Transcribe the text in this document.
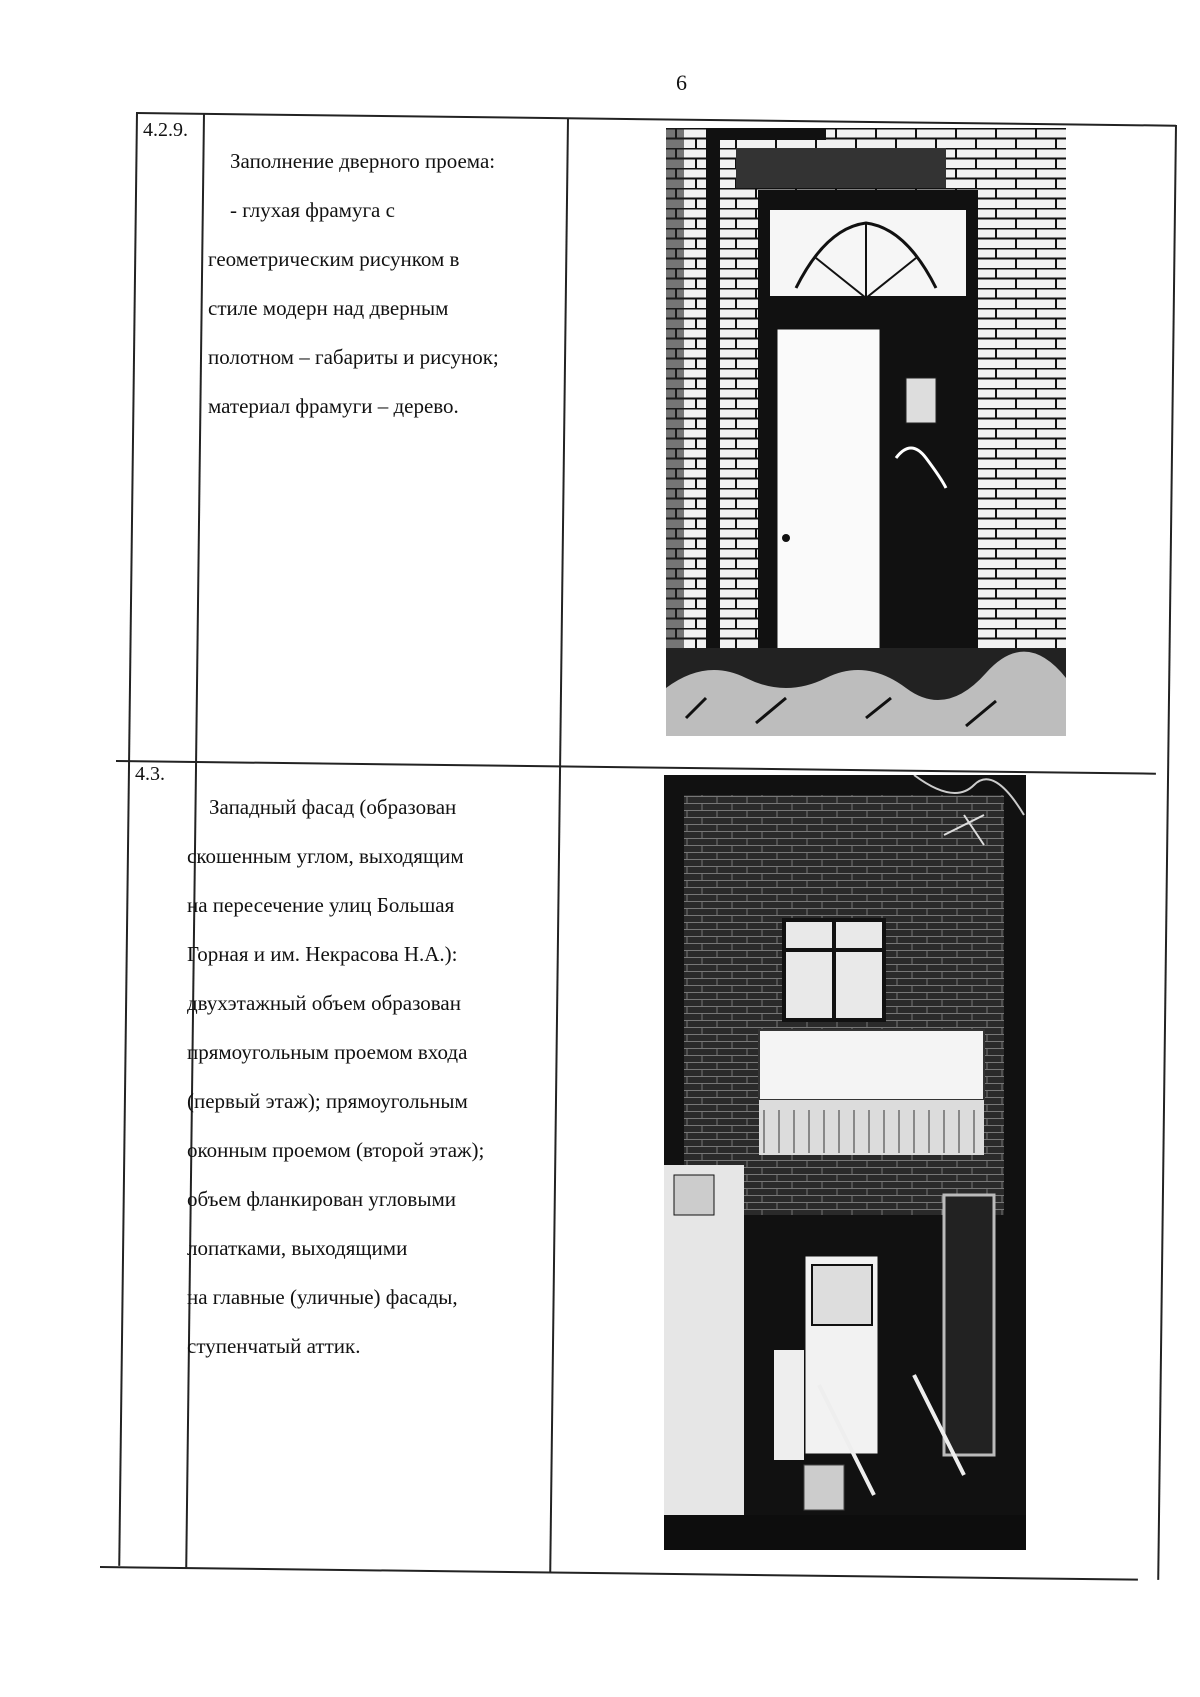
6
4.2.9.

Заполнение дверного проема:

- глухая фрамуга с

геометрическим рисунком в

стиле модерн над дверным

полотном – габариты и рисунок;

материал фрамуги – дерево.

4.3.

Западный фасад (образован

скошенным углом, выходящим

на пересечение улиц Большая

Горная и им. Некрасова Н.А.):

двухэтажный объем образован

прямоугольным проемом входа

(первый этаж); прямоугольным

оконным проемом (второй этаж);

объем фланкирован угловыми

лопатками, выходящими

на главные (уличные) фасады,

ступенчатый аттик.
